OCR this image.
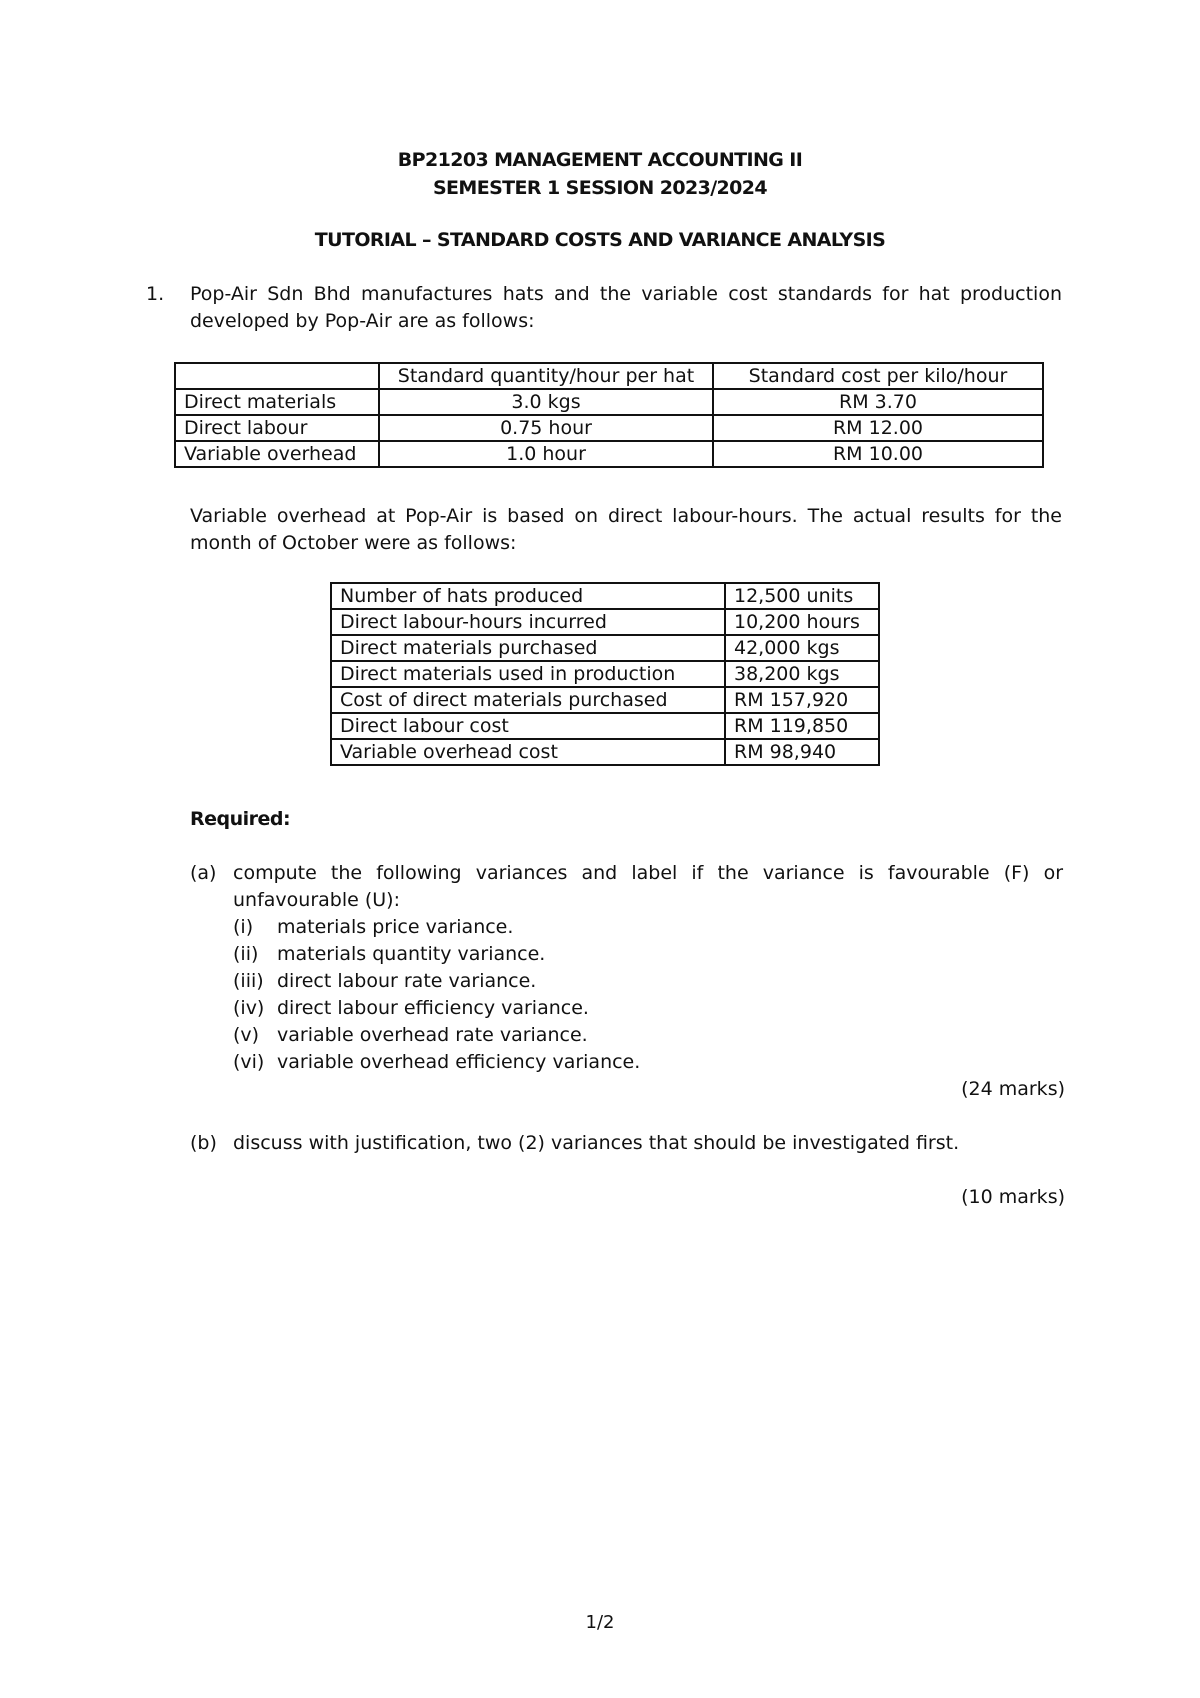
BP21203 MANAGEMENT ACCOUNTING II
SEMESTER 1 SESSION 2023/2024
TUTORIAL – STANDARD COSTS AND VARIANCE ANALYSIS
1. Pop-Air Sdn Bhd manufactures hats and the variable cost standards for hat production
developed by Pop-Air are as follows:
	Standard quantity/hour per hat	Standard cost per kilo/hour
Direct materials	3.0 kgs	RM 3.70
Direct labour	0.75 hour	RM 12.00
Variable overhead	1.0 hour	RM 10.00
Variable overhead at Pop-Air is based on direct labour-hours. The actual results for the
month of October were as follows:
Number of hats produced	12,500 units
Direct labour-hours incurred	10,200 hours
Direct materials purchased	42,000 kgs
Direct materials used in production	38,200 kgs
Cost of direct materials purchased	RM 157,920
Direct labour cost	RM 119,850
Variable overhead cost	RM 98,940
Required:
(a) compute the following variances and label if the variance is favourable (F) or
unfavourable (U):
(i) materials price variance.
(ii) materials quantity variance.
(iii) direct labour rate variance.
(iv) direct labour efficiency variance.
(v) variable overhead rate variance.
(vi) variable overhead efficiency variance.
(24 marks)
(b) discuss with justification, two (2) variances that should be investigated first.
(10 marks)
1/2
